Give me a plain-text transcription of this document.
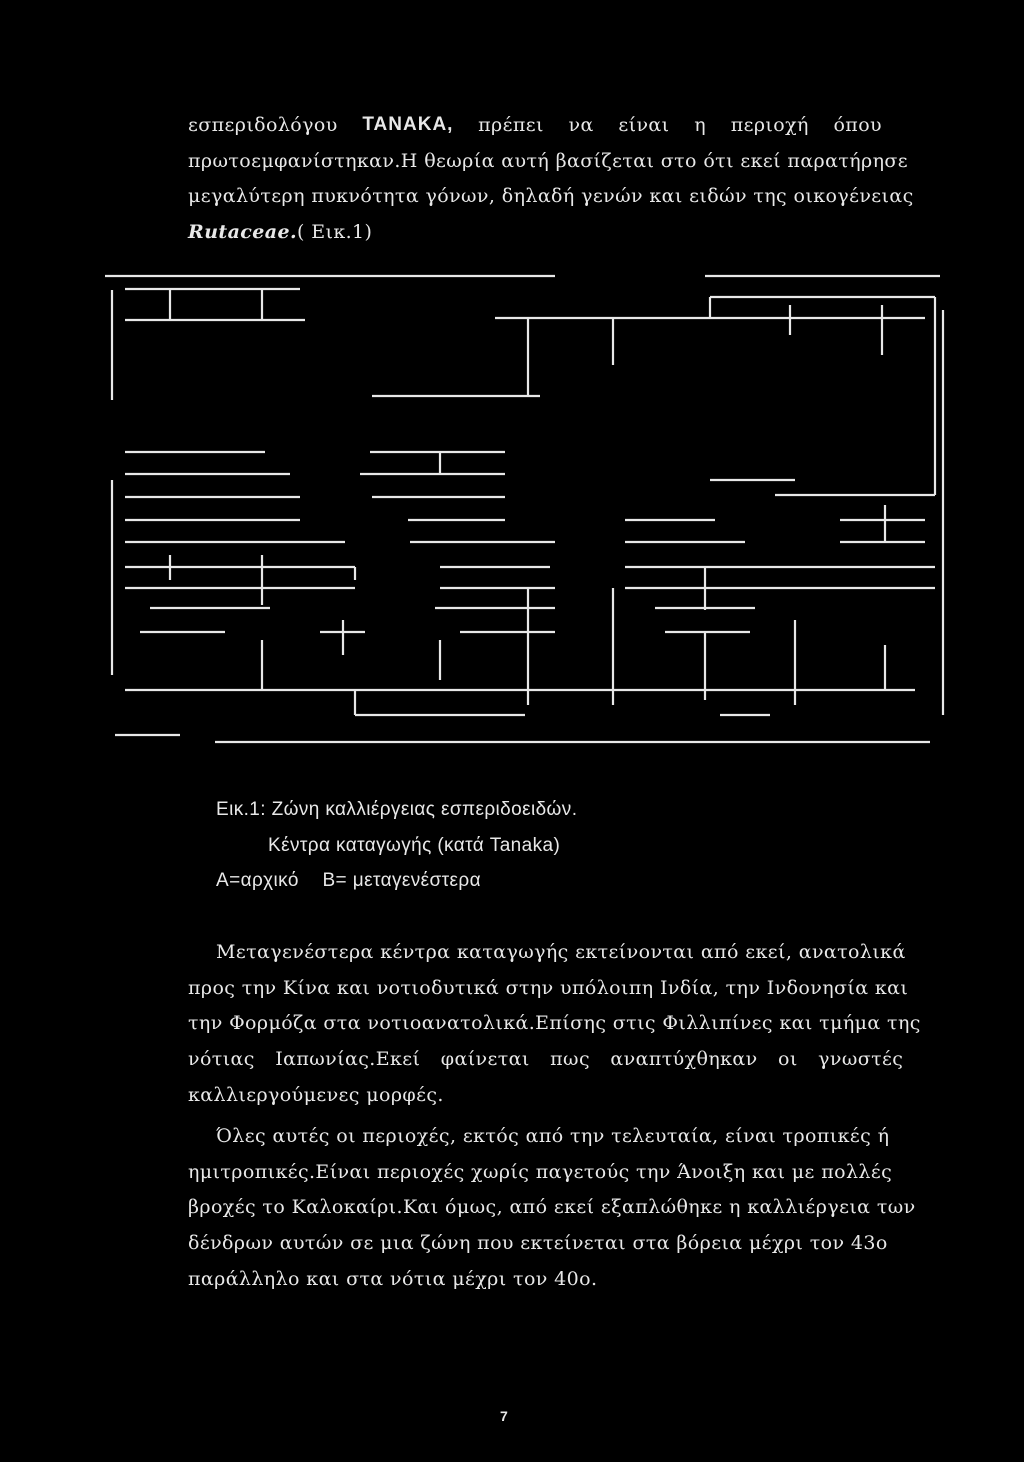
εσπεριδολόγου TANAKA, πρέπει να είναι η περιοχή όπου
πρωτοεμφανίστηκαν.Η θεωρία αυτή βασίζεται στο ότι εκεί παρατήρησε
μεγαλύτερη πυκνότητα γόνων, δηλαδή γενών και ειδών της οικογένειας
Rutaceae.( Εικ.1)
Εικ.1: Ζώνη καλλιέργειας εσπεριδοειδών.
Κέντρα καταγωγής (κατά Tanaka)
A=αρχικό B= μεταγενέστερα
Μεταγενέστερα κέντρα καταγωγής εκτείνονται από εκεί, ανατολικά
προς την Κίνα και νοτιοδυτικά στην υπόλοιπη Ινδία, την Ινδονησία και
την Φορμόζα στα νοτιοανατολικά.Επίσης στις Φιλλιπίνες και τμήμα της
νότιας Ιαπωνίας.Εκεί φαίνεται πως αναπτύχθηκαν οι γνωστές
καλλιεργούμενες μορφές.
Όλες αυτές οι περιοχές, εκτός από την τελευταία, είναι τροπικές ή
ημιτροπικές.Είναι περιοχές χωρίς παγετούς την Άνοιξη και με πολλές
βροχές το Καλοκαίρι.Και όμως, από εκεί εξαπλώθηκε η καλλιέργεια των
δένδρων αυτών σε μια ζώνη που εκτείνεται στα βόρεια μέχρι τον 43ο
παράλληλο και στα νότια μέχρι τον 40ο.
7
